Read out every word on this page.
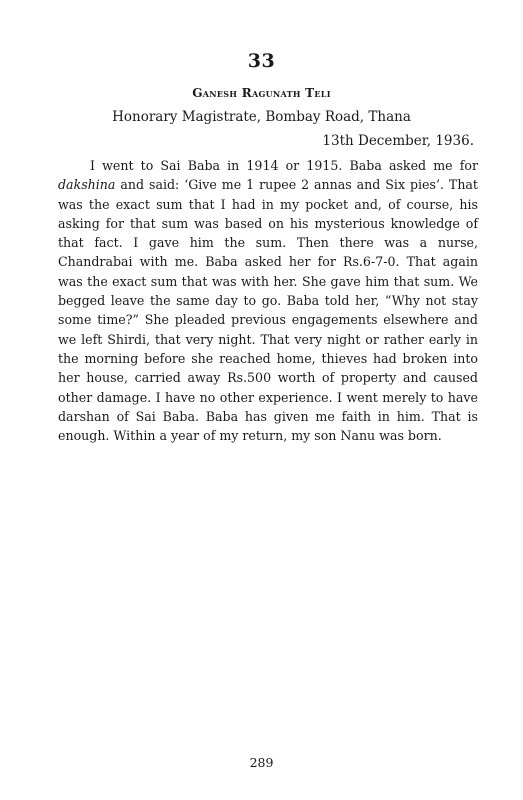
33
Ganesh Ragunath Teli
Honorary Magistrate, Bombay Road, Thana
13th December, 1936.

I went to Sai Baba in 1914 or 1915. Baba asked me for dakshina and said: ‘Give me 1 rupee 2 annas and Six pies’. That was the exact sum that I had in my pocket and, of course, his asking for that sum was based on his mysterious knowledge of that fact. I gave him the sum. Then there was a nurse, Chandrabai with me. Baba asked her for Rs.6-7-0. That again was the exact sum that was with her. She gave him that sum. We begged leave the same day to go. Baba told her, “Why not stay some time?” She pleaded previous engagements elsewhere and we left Shirdi, that very night. That very night or rather early in the morning before she reached home, thieves had broken into her house, carried away Rs.500 worth of property and caused other damage. I have no other experience. I went merely to have darshan of Sai Baba. Baba has given me faith in him. That is enough. Within a year of my return, my son Nanu was born.

289
